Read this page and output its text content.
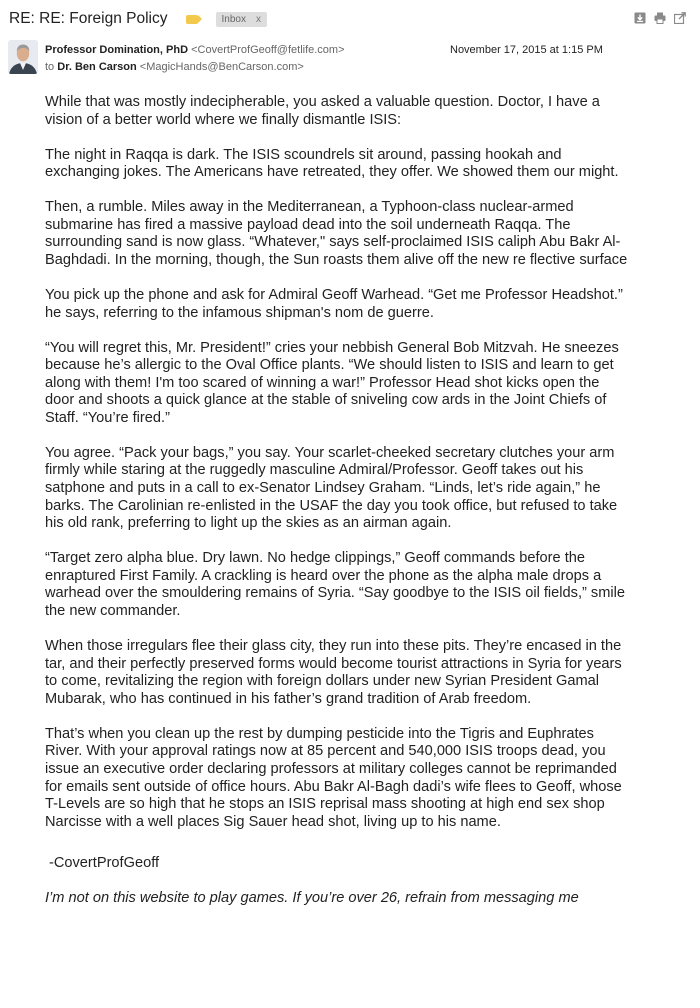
RE: RE: Foreign Policy	Inbox x
Professor Domination, PhD <CovertProfGeoff@fetlife.com>	November 17, 2015 at 1:15 PM
to Dr. Ben Carson <MagicHands@BenCarson.com>

While that was mostly indecipherable, you asked a valuable question. Doctor, I have a vision of a better world where we finally dismantle ISIS:

The night in Raqqa is dark. The ISIS scoundrels sit around, passing hookah and exchanging jokes. The Americans have retreated, they offer. We showed them our might.

Then, a rumble. Miles away in the Mediterranean, a Typhoon-class nuclear-armed submarine has fired a massive payload dead into the soil underneath Raqqa. The surrounding sand is now glass. “Whatever," says self-proclaimed ISIS caliph Abu Bakr Al-Baghdadi. In the morning, though, the Sun roasts them alive off the new re flective surface

You pick up the phone and ask for Admiral Geoff Warhead. “Get me Professor Headshot.” he says, referring to the infamous shipman's nom de guerre.

“You will regret this, Mr. President!” cries your nebbish General Bob Mitzvah. He sneezes because he’s allergic to the Oval Office plants. “We should listen to ISIS and learn to get along with them! I'm too scared of winning a war!” Professor Head shot kicks open the door and shoots a quick glance at the stable of sniveling cow ards in the Joint Chiefs of Staff. “You’re fired.”

You agree. “Pack your bags,” you say. Your scarlet-cheeked secretary clutches your arm firmly while staring at the ruggedly masculine Admiral/Professor. Geoff takes out his satphone and puts in a call to ex-Senator Lindsey Graham. “Linds, let’s ride again,” he barks. The Carolinian re-enlisted in the USAF the day you took office, but refused to take his old rank, preferring to light up the skies as an airman again.

“Target zero alpha blue. Dry lawn. No hedge clippings,” Geoff commands before the enraptured First Family. A crackling is heard over the phone as the alpha male drops a warhead over the smouldering remains of Syria. “Say goodbye to the ISIS oil fields,” smile the new commander.

When those irregulars flee their glass city, they run into these pits. They’re encased in the tar, and their perfectly preserved forms would become tourist attractions in Syria for years to come, revitalizing the region with foreign dollars under new Syrian President Gamal Mubarak, who has continued in his father’s grand tradition of Arab freedom.

That’s when you clean up the rest by dumping pesticide into the Tigris and Euphrates River. With your approval ratings now at 85 percent and 540,000 ISIS troops dead, you issue an executive order declaring professors at military colleges cannot be reprimanded for emails sent outside of office hours. Abu Bakr Al-Bagh dadi’s wife flees to Geoff, whose T-Levels are so high that he stops an ISIS reprisal mass shooting at high end sex shop Narcisse with a well places Sig Sauer head shot, living up to his name.

-CovertProfGeoff
I’m not on this website to play games. If you’re over 26, refrain from messaging me
